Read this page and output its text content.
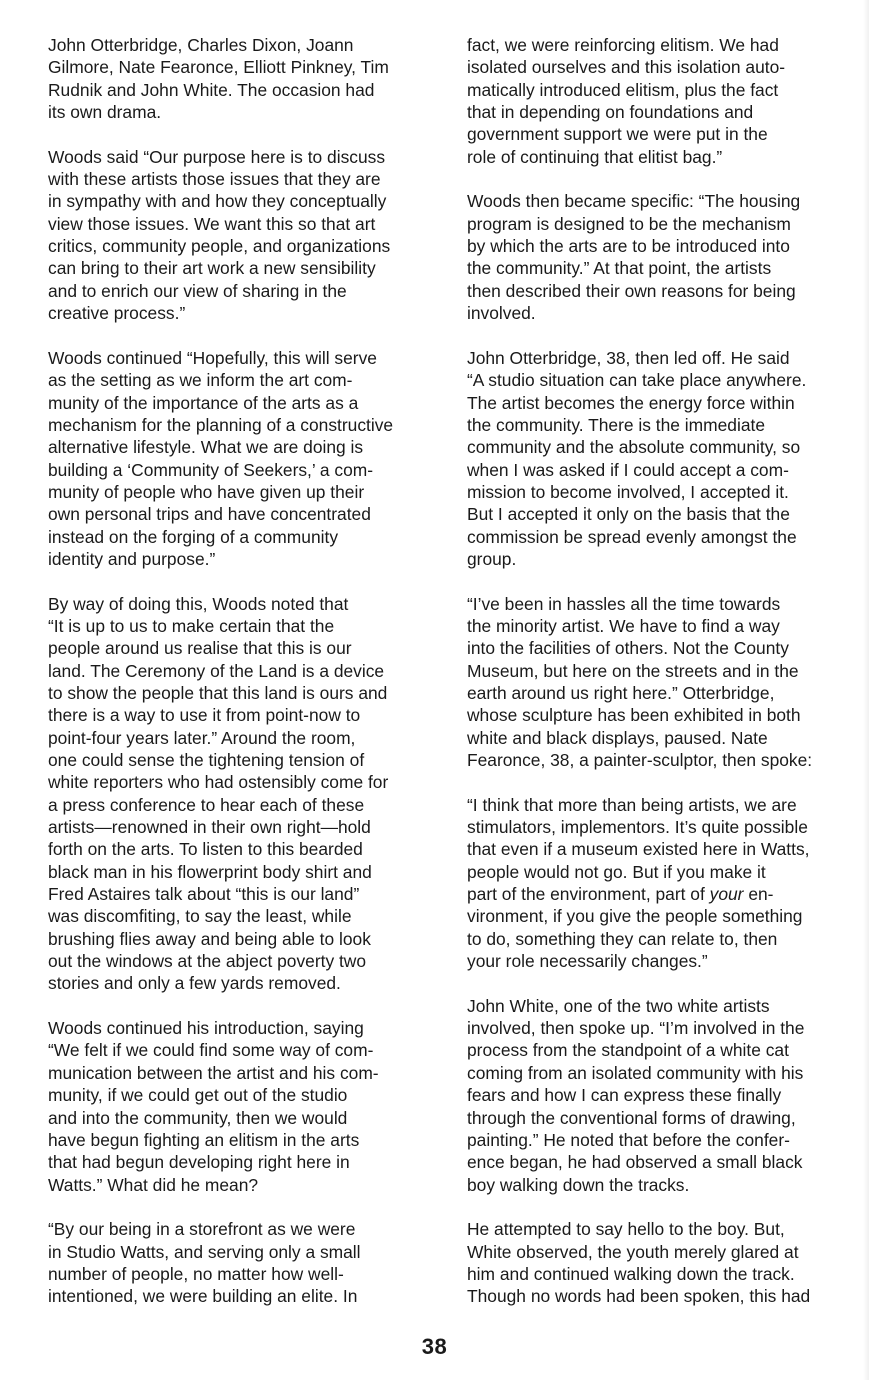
John Otterbridge, Charles Dixon, Joann
Gilmore, Nate Fearonce, Elliott Pinkney, Tim
Rudnik and John White. The occasion had
its own drama.
Woods said “Our purpose here is to discuss
with these artists those issues that they are
in sympathy with and how they conceptually
view those issues. We want this so that art
critics, community people, and organizations
can bring to their art work a new sensibility
and to enrich our view of sharing in the
creative process.”
Woods continued “Hopefully, this will serve
as the setting as we inform the art com-
munity of the importance of the arts as a
mechanism for the planning of a constructive
alternative lifestyle. What we are doing is
building a ‘Community of Seekers,’ a com-
munity of people who have given up their
own personal trips and have concentrated
instead on the forging of a community
identity and purpose.”
By way of doing this, Woods noted that
“It is up to us to make certain that the
people around us realise that this is our
land. The Ceremony of the Land is a device
to show the people that this land is ours and
there is a way to use it from point-now to
point-four years later.” Around the room,
one could sense the tightening tension of
white reporters who had ostensibly come for
a press conference to hear each of these
artists—renowned in their own right—hold
forth on the arts. To listen to this bearded
black man in his flowerprint body shirt and
Fred Astaires talk about “this is our land”
was discomfiting, to say the least, while
brushing flies away and being able to look
out the windows at the abject poverty two
stories and only a few yards removed.
Woods continued his introduction, saying
“We felt if we could find some way of com-
munication between the artist and his com-
munity, if we could get out of the studio
and into the community, then we would
have begun fighting an elitism in the arts
that had begun developing right here in
Watts.” What did he mean?
“By our being in a storefront as we were
in Studio Watts, and serving only a small
number of people, no matter how well-
intentioned, we were building an elite. In
fact, we were reinforcing elitism. We had
isolated ourselves and this isolation auto-
matically introduced elitism, plus the fact
that in depending on foundations and
government support we were put in the
role of continuing that elitist bag.”
Woods then became specific: “The housing
program is designed to be the mechanism
by which the arts are to be introduced into
the community.” At that point, the artists
then described their own reasons for being
involved.
John Otterbridge, 38, then led off. He said
“A studio situation can take place anywhere.
The artist becomes the energy force within
the community. There is the immediate
community and the absolute community, so
when I was asked if I could accept a com-
mission to become involved, I accepted it.
But I accepted it only on the basis that the
commission be spread evenly amongst the
group.
“I’ve been in hassles all the time towards
the minority artist. We have to find a way
into the facilities of others. Not the County
Museum, but here on the streets and in the
earth around us right here.” Otterbridge,
whose sculpture has been exhibited in both
white and black displays, paused. Nate
Fearonce, 38, a painter-sculptor, then spoke:
“I think that more than being artists, we are
stimulators, implementors. It’s quite possible
that even if a museum existed here in Watts,
people would not go. But if you make it
part of the environment, part of your en-
vironment, if you give the people something
to do, something they can relate to, then
your role necessarily changes.”
John White, one of the two white artists
involved, then spoke up. “I’m involved in the
process from the standpoint of a white cat
coming from an isolated community with his
fears and how I can express these finally
through the conventional forms of drawing,
painting.” He noted that before the confer-
ence began, he had observed a small black
boy walking down the tracks.
He attempted to say hello to the boy. But,
White observed, the youth merely glared at
him and continued walking down the track.
Though no words had been spoken, this had
38
